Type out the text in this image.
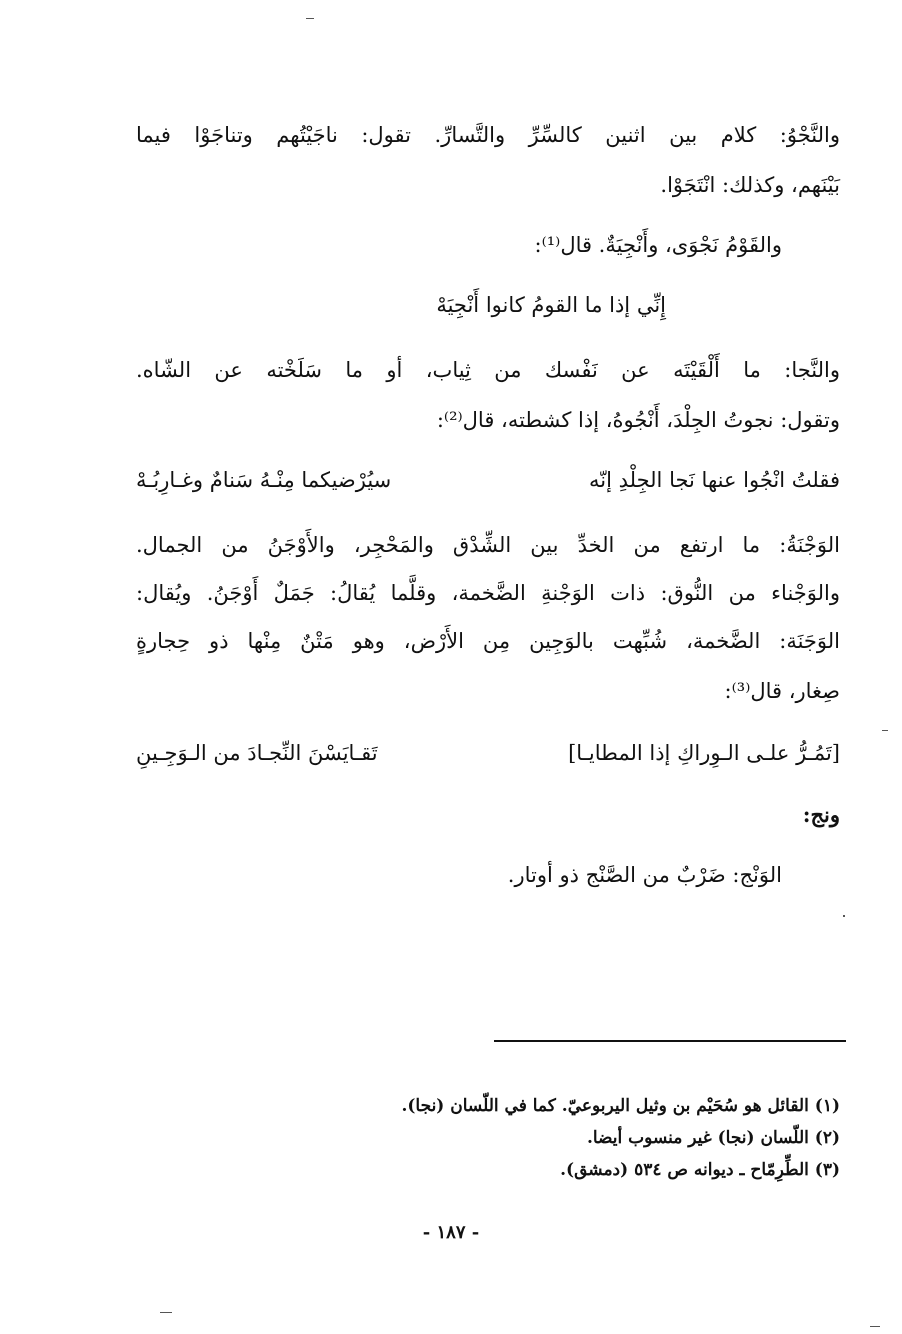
والنَّجْوُ: كلام بين اثنين كالسِّرِّ والتَّسارِّ. تقول: ناجَيْتُهم وتناجَوْا فيما
بَيْنَهم، وكذلك: انْتَجَوْا.
والقَوْمُ نَجْوَى، وأَنْجِيَةٌ. قال⁽¹⁾:
إِنِّي إذا ما القومُ كانوا أَنْجِيَهْ
والنَّجا: ما أَلْقَيْتَه عن نَفْسك من ثِياب، أو ما سَلَخْته عن الشّاه.
وتقول: نجوتُ الجِلْدَ، أَنْجُوهُ، إذا كشطته، قال⁽²⁾:
فقلتُ انْجُوا عنها نَجا الجِلْدِ إنّه
سيُرْضيكما مِنْـهُ سَنامٌ وغـارِبُـهْ
الوَجْنَةُ: ما ارتفع من الخدِّ بين الشِّدْق والمَحْجِر، والأَوْجَنُ من الجمال.
والوَجْناء من النُّوق: ذات الوَجْنةِ الضَّخمة، وقلَّما يُقالُ: جَمَلٌ أَوْجَنُ. ويُقال:
الوَجَنَة: الضَّخمة، شُبِّهت بالوَجِين مِن الأَرْض، وهو مَتْنٌ مِنْها ذو حِجارةٍ
صِغار، قال⁽³⁾:
[تَمُـرُّ علـى الـوِراكِ إذا المطايـا]
تَقـايَسْنَ النِّجـادَ من الـوَجِـينِ
ونج:
الوَنْج: ضَرْبٌ من الصَّنْج ذو أوتار.
(١) القائل هو سُحَيْم بن وثيل اليربوعيّ. كما في اللّسان (نجا).
(٢) اللّسان (نجا) غير منسوب أيضا.
(٣) الطِّرِمّاح ـ ديوانه ص ٥٣٤ (دمشق).
- ١٨٧ -
